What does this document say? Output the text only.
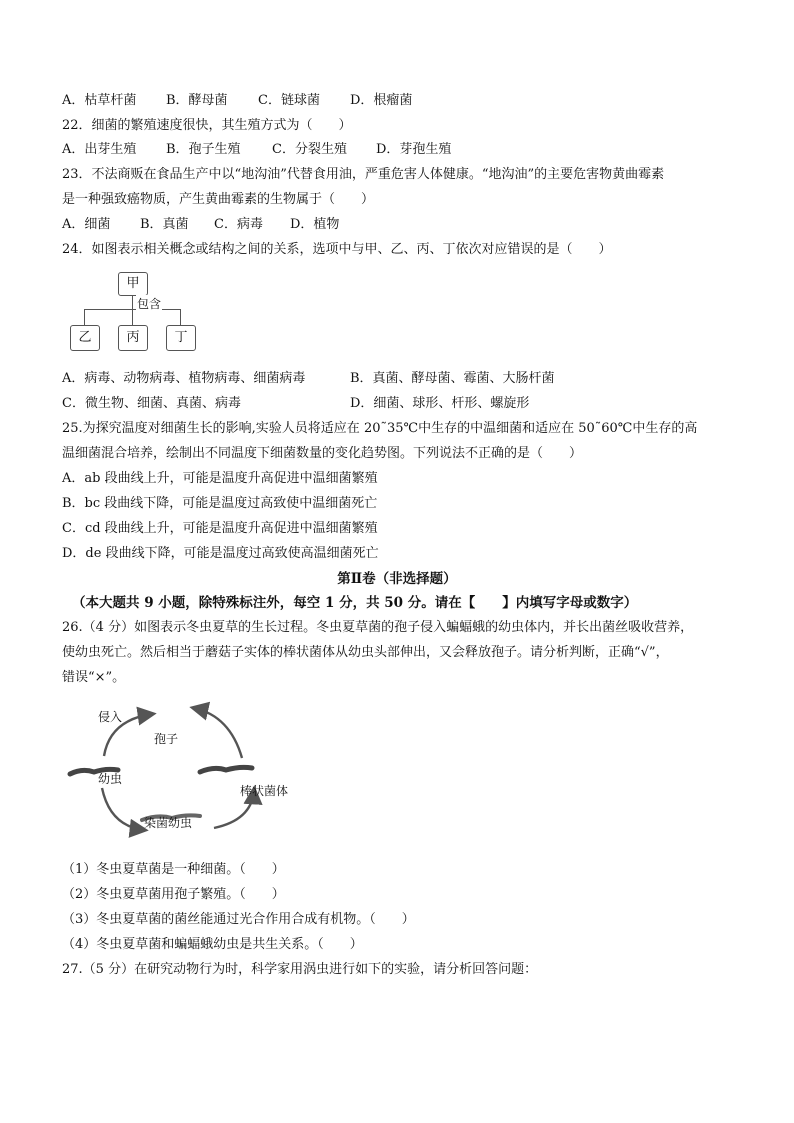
A．枯草杆菌 B．酵母菌 C．链球菌 D．根瘤菌
22．细菌的繁殖速度很快，其生殖方式为（　　）
A．出芽生殖 B．孢子生殖 C．分裂生殖 D．芽孢生殖
23．不法商贩在食品生产中以“地沟油”代替食用油，严重危害人体健康。“地沟油”的主要危害物黄曲霉素
是一种强致癌物质，产生黄曲霉素的生物属于（　　）
A．细菌 B．真菌 C．病毒 D．植物
24．如图表示相关概念或结构之间的关系，选项中与甲、乙、丙、丁依次对应错误的是（　　）
甲
包含
乙	丙	丁
A．病毒、动物病毒、植物病毒、细菌病毒	B．真菌、酵母菌、霉菌、大肠杆菌
C．微生物、细菌、真菌、病毒	D．细菌、球形、杆形、螺旋形
25.为探究温度对细菌生长的影响,实验人员将适应在 20˜35℃中生存的中温细菌和适应在 50˜60℃中生存的高
温细菌混合培养，绘制出不同温度下细菌数量的变化趋势图。下列说法不正确的是（　　）
A．ab 段曲线上升，可能是温度升高促进中温细菌繁殖
B．bc 段曲线下降，可能是温度过高致使中温细菌死亡
C．cd 段曲线上升，可能是温度升高促进中温细菌繁殖
D．de 段曲线下降，可能是温度过高致使高温细菌死亡
第Ⅱ卷（非选择题）
（本大题共 9 小题，除特殊标注外，每空 1 分，共 50 分。请在【　　】内填写字母或数字）
26.（4 分）如图表示冬虫夏草的生长过程。冬虫夏草菌的孢子侵入蝙蝠蛾的幼虫体内，并长出菌丝吸收营养，
使幼虫死亡。然后相当于蘑菇子实体的棒状菌体从幼虫头部伸出，又会释放孢子。请分析判断，正确“√”，
错误“×”。
侵入
孢子
幼虫
棒状菌体
染菌幼虫
（1）冬虫夏草菌是一种细菌。（　　）
（2）冬虫夏草菌用孢子繁殖。（　　）
（3）冬虫夏草菌的菌丝能通过光合作用合成有机物。（　　）
（4）冬虫夏草菌和蝙蝠蛾幼虫是共生关系。（　　）
27.（5 分）在研究动物行为时，科学家用涡虫进行如下的实验，请分析回答问题：
